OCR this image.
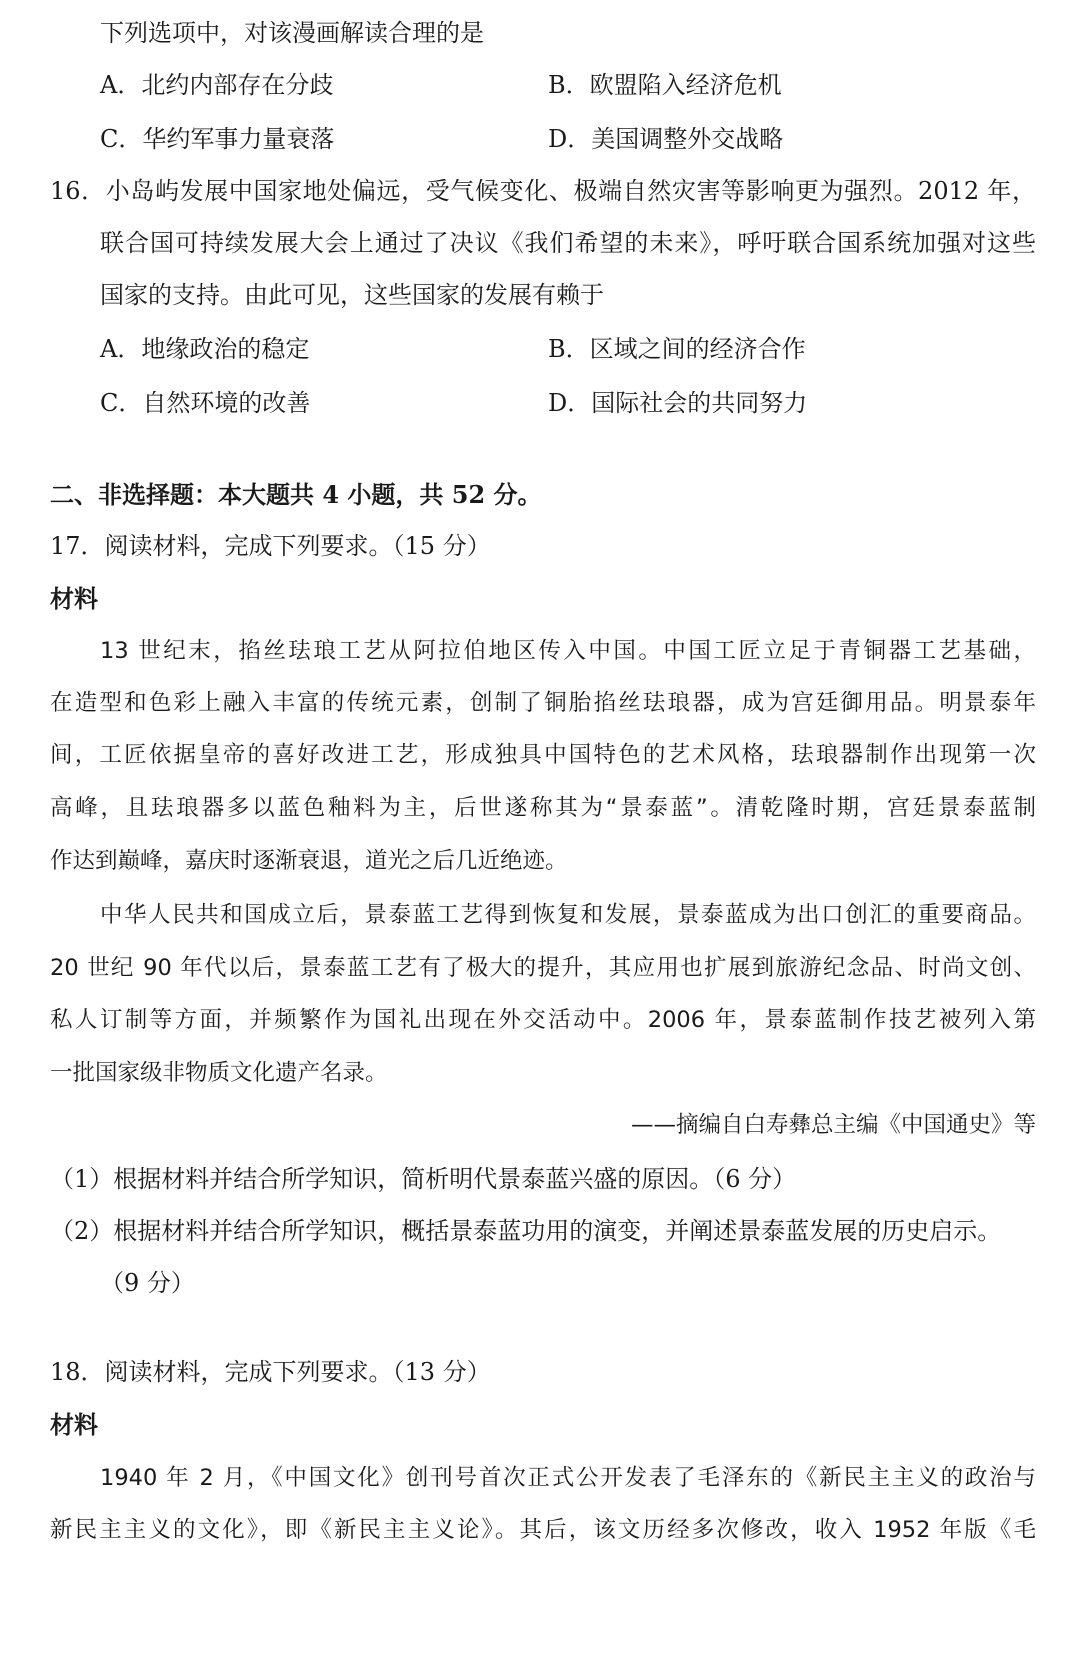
下列选项中，对该漫画解读合理的是
A．北约内部存在分歧	B．欧盟陷入经济危机
C．华约军事力量衰落	D．美国调整外交战略
16．小岛屿发展中国家地处偏远，受气候变化、极端自然灾害等影响更为强烈。2012 年，
联合国可持续发展大会上通过了决议《我们希望的未来》，呼吁联合国系统加强对这些
国家的支持。由此可见，这些国家的发展有赖于
A．地缘政治的稳定	B．区域之间的经济合作
C．自然环境的改善	D．国际社会的共同努力
二、非选择题：本大题共 4 小题，共 52 分。
17．阅读材料，完成下列要求。（15 分）
材料
13 世纪末，掐丝珐琅工艺从阿拉伯地区传入中国。中国工匠立足于青铜器工艺基础，
在造型和色彩上融入丰富的传统元素，创制了铜胎掐丝珐琅器，成为宫廷御用品。明景泰年
间，工匠依据皇帝的喜好改进工艺，形成独具中国特色的艺术风格，珐琅器制作出现第一次
高峰，且珐琅器多以蓝色釉料为主，后世遂称其为“景泰蓝”。清乾隆时期，宫廷景泰蓝制
作达到巅峰，嘉庆时逐渐衰退，道光之后几近绝迹。
中华人民共和国成立后，景泰蓝工艺得到恢复和发展，景泰蓝成为出口创汇的重要商品。
20 世纪 90 年代以后，景泰蓝工艺有了极大的提升，其应用也扩展到旅游纪念品、时尚文创、
私人订制等方面，并频繁作为国礼出现在外交活动中。2006 年，景泰蓝制作技艺被列入第
一批国家级非物质文化遗产名录。
——摘编自白寿彝总主编《中国通史》等
（1）根据材料并结合所学知识，简析明代景泰蓝兴盛的原因。（6 分）
（2）根据材料并结合所学知识，概括景泰蓝功用的演变，并阐述景泰蓝发展的历史启示。
（9 分）
18．阅读材料，完成下列要求。（13 分）
材料
1940 年 2 月，《中国文化》创刊号首次正式公开发表了毛泽东的《新民主主义的政治与
新民主主义的文化》，即《新民主主义论》。其后，该文历经多次修改，收入 1952 年版《毛
